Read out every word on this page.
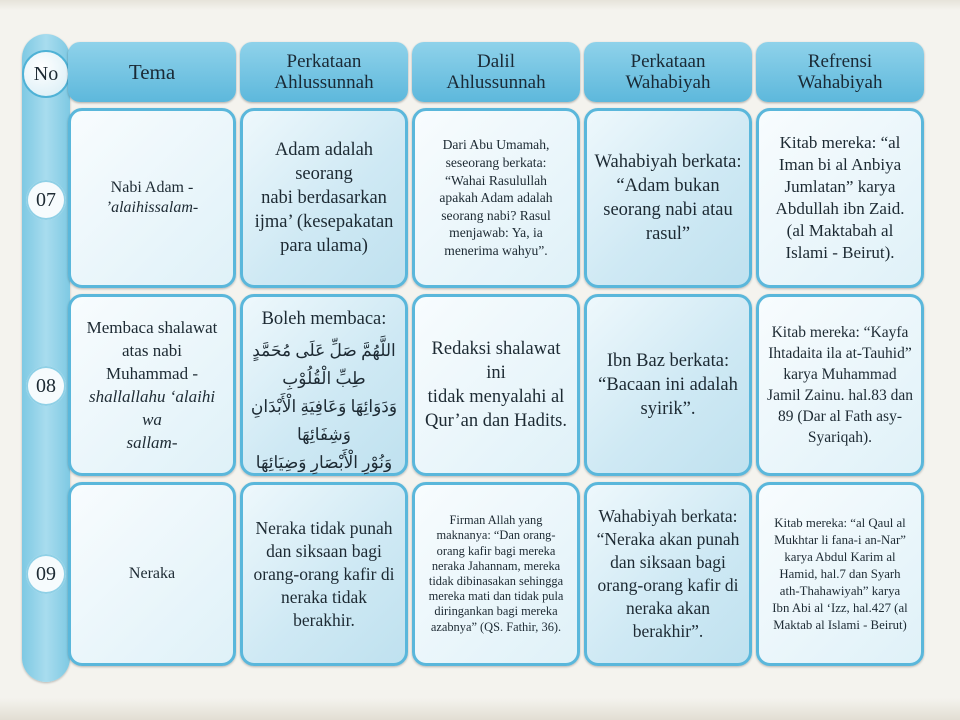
No
07
08
09
Tema	Perkataan
Ahlussunnah
Dalil
Ahlussunnah
Perkataan
Wahabiyah
Refrensi
Wahabiyah
Nabi Adam -
’alaihissalam-
Adam adalah seorang
nabi berdasarkan
ijma’ (kesepakatan
para ulama)
Dari Abu Umamah,
seseorang berkata:
“Wahai Rasulullah
apakah Adam adalah
seorang nabi? Rasul
menjawab: Ya, ia
menerima wahyu”.
Wahabiyah berkata:
“Adam bukan
seorang nabi atau
rasul”
Kitab mereka: “al
Iman bi al Anbiya
Jumlatan” karya
Abdullah ibn Zaid.
(al Maktabah al
Islami - Beirut).
Membaca shalawat
atas nabi
Muhammad -
shallallahu ‘alaihi wa
sallam-
Boleh membaca:
اللَّهُمَّ صَلِّ عَلَى مُحَمَّدٍ طِبِّ الْقُلُوْبِ
وَدَوَائِهَا وَعَافِيَةِ الْأَبْدَانِ وَشِفَائِهَا
وَنُوْرِ الْأَبْصَارِ وَضِيَائِهَا
Redaksi shalawat ini
tidak menyalahi al
Qur’an dan Hadits.
Ibn Baz berkata:
“Bacaan ini adalah
syirik”.
Kitab mereka: “Kayfa
Ihtadaita ila at-Tauhid”
karya Muhammad
Jamil Zainu. hal.83 dan
89 (Dar al Fath asy-
Syariqah).
Neraka
Neraka tidak punah
dan siksaan bagi
orang-orang kafir di
neraka tidak
berakhir.
Firman Allah yang
maknanya: “Dan orang-
orang kafir bagi mereka
neraka Jahannam, mereka
tidak dibinasakan sehingga
mereka mati dan tidak pula
diringankan bagi mereka
azabnya” (QS. Fathir, 36).
Wahabiyah berkata:
“Neraka akan punah
dan siksaan bagi
orang-orang kafir di
neraka akan
berakhir”.
Kitab mereka: “al Qaul al
Mukhtar li fana-i an-Nar”
karya Abdul Karim al
Hamid, hal.7 dan Syarh
ath-Thahawiyah” karya
Ibn Abi al ‘Izz, hal.427 (al
Maktab al Islami - Beirut)
